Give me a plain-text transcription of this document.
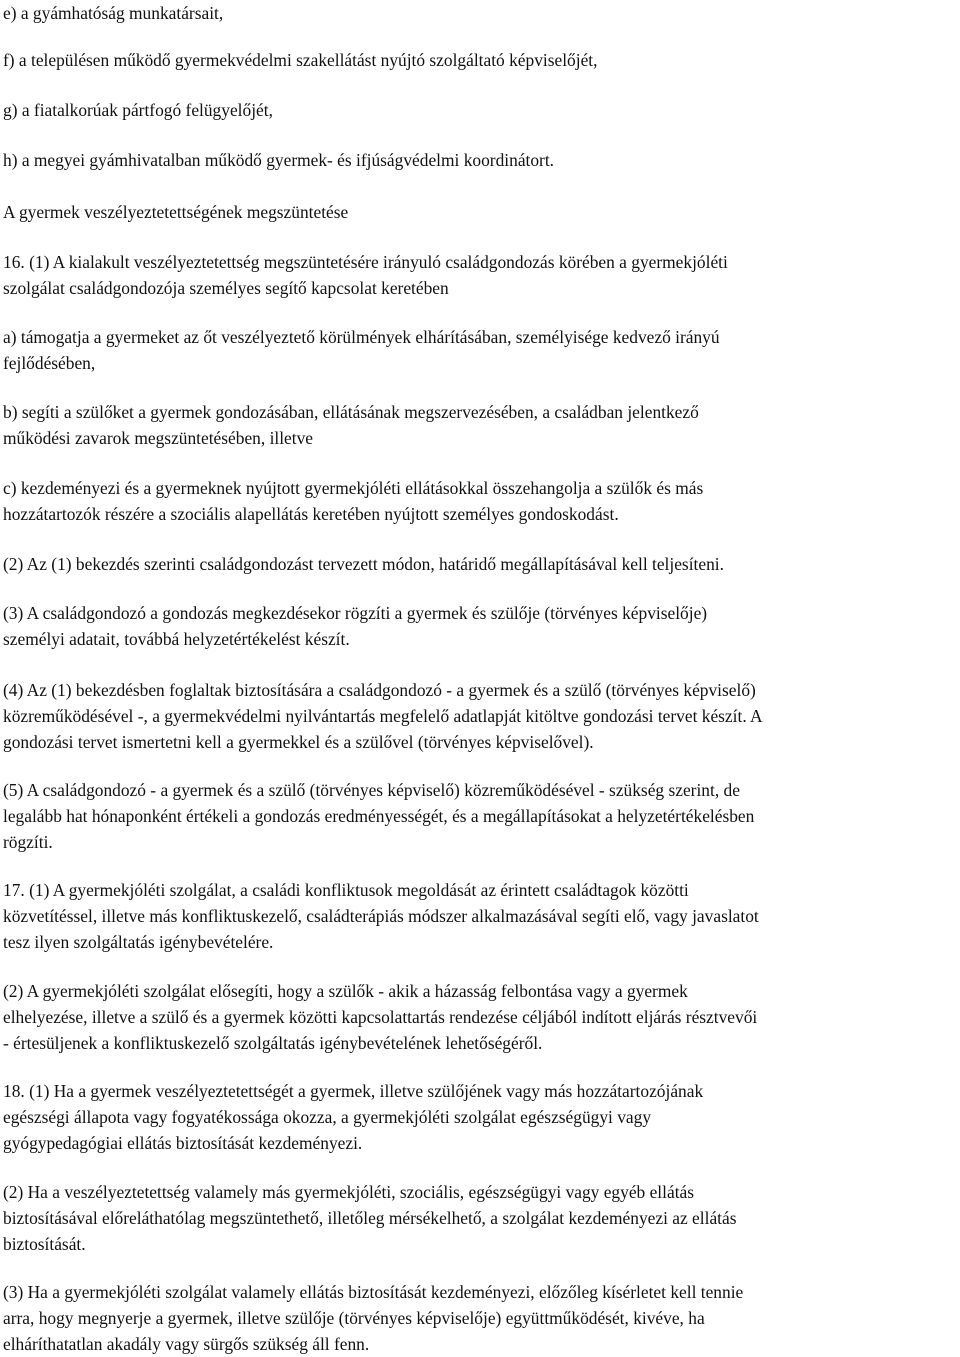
e) a gyámhatóság munkatársait,

f) a településen működő gyermekvédelmi szakellátást nyújtó szolgáltató képviselőjét,

g) a fiatalkorúak pártfogó felügyelőjét,

h) a megyei gyámhivatalban működő gyermek- és ifjúságvédelmi koordinátort.

A gyermek veszélyeztetettségének megszüntetése

16. (1) A kialakult veszélyeztetettség megszüntetésére irányuló családgondozás körében a gyermekjóléti
szolgálat családgondozója személyes segítő kapcsolat keretében

a) támogatja a gyermeket az őt veszélyeztető körülmények elhárításában, személyisége kedvező irányú
fejlődésében,

b) segíti a szülőket a gyermek gondozásában, ellátásának megszervezésében, a családban jelentkező
működési zavarok megszüntetésében, illetve

c) kezdeményezi és a gyermeknek nyújtott gyermekjóléti ellátásokkal összehangolja a szülők és más
hozzátartozók részére a szociális alapellátás keretében nyújtott személyes gondoskodást.

(2) Az (1) bekezdés szerinti családgondozást tervezett módon, határidő megállapításával kell teljesíteni.

(3) A családgondozó a gondozás megkezdésekor rögzíti a gyermek és szülője (törvényes képviselője)
személyi adatait, továbbá helyzetértékelést készít.

(4) Az (1) bekezdésben foglaltak biztosítására a családgondozó - a gyermek és a szülő (törvényes képviselő)
közreműködésével -, a gyermekvédelmi nyilvántartás megfelelő adatlapját kitöltve gondozási tervet készít. A
gondozási tervet ismertetni kell a gyermekkel és a szülővel (törvényes képviselővel).

(5) A családgondozó - a gyermek és a szülő (törvényes képviselő) közreműködésével - szükség szerint, de
legalább hat hónaponként értékeli a gondozás eredményességét, és a megállapításokat a helyzetértékelésben
rögzíti.

17. (1) A gyermekjóléti szolgálat, a családi konfliktusok megoldását az érintett családtagok közötti
közvetítéssel, illetve más konfliktuskezelő, családterápiás módszer alkalmazásával segíti elő, vagy javaslatot
tesz ilyen szolgáltatás igénybevételére.

(2) A gyermekjóléti szolgálat elősegíti, hogy a szülők - akik a házasság felbontása vagy a gyermek
elhelyezése, illetve a szülő és a gyermek közötti kapcsolattartás rendezése céljából indított eljárás résztvevői
- értesüljenek a konfliktuskezelő szolgáltatás igénybevételének lehetőségéről.

18. (1) Ha a gyermek veszélyeztetettségét a gyermek, illetve szülőjének vagy más hozzátartozójának
egészségi állapota vagy fogyatékossága okozza, a gyermekjóléti szolgálat egészségügyi vagy
gyógypedagógiai ellátás biztosítását kezdeményezi.

(2) Ha a veszélyeztetettség valamely más gyermekjóléti, szociális, egészségügyi vagy egyéb ellátás
biztosításával előreláthatólag megszüntethető, illetőleg mérsékelhető, a szolgálat kezdeményezi az ellátás
biztosítását.

(3) Ha a gyermekjóléti szolgálat valamely ellátás biztosítását kezdeményezi, előzőleg kísérletet kell tennie
arra, hogy megnyerje a gyermek, illetve szülője (törvényes képviselője) együttműködését, kivéve, ha
elháríthatatlan akadály vagy sürgős szükség áll fenn.
